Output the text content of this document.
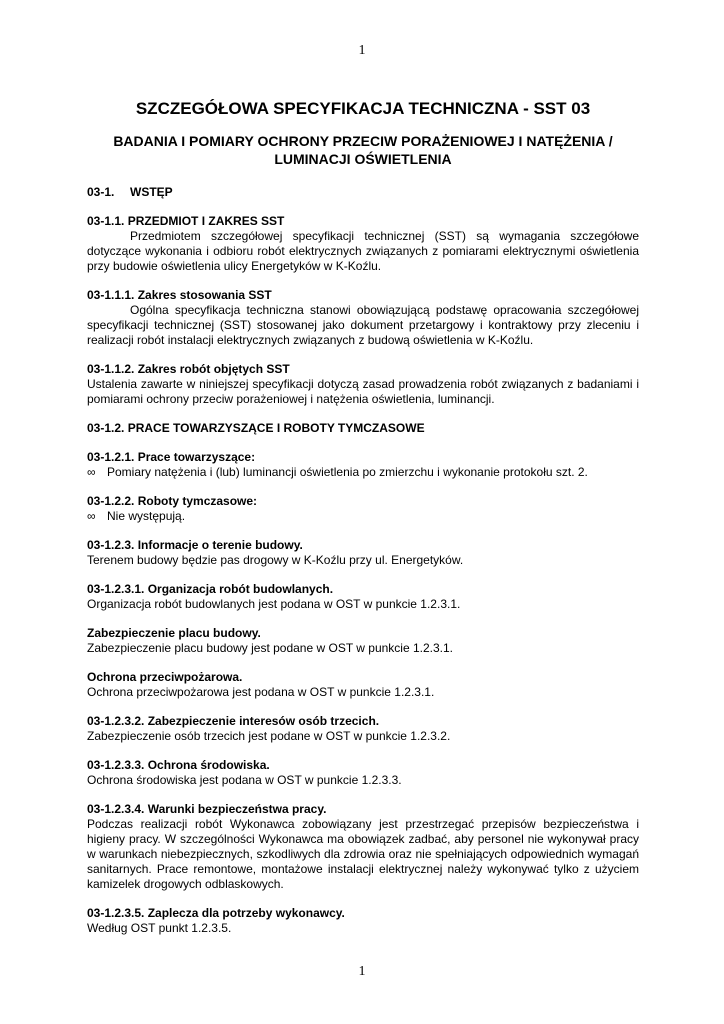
1
SZCZEGÓŁOWA SPECYFIKACJA TECHNICZNA - SST 03
BADANIA I POMIARY OCHRONY PRZECIW PORAŻENIOWEJ I NATĘŻENIA /
LUMINACJI OŚWIETLENIA
03-1.	WSTĘP

03-1.1. PRZEDMIOT I ZAKRES SST

Przedmiotem szczegółowej specyfikacji technicznej (SST) są wymagania szczegółowe dotyczące wykonania i odbioru robót elektrycznych związanych z pomiarami elektrycznymi oświetlenia przy budowie oświetlenia ulicy Energetyków w K-Koźlu.

03-1.1.1. Zakres stosowania SST

Ogólna specyfikacja techniczna stanowi obowiązującą podstawę opracowania szczegółowej specyfikacji technicznej (SST) stosowanej jako dokument przetargowy i kontraktowy przy zleceniu i realizacji robót instalacji elektrycznych związanych z budową oświetlenia w K-Koźlu.

03-1.1.2. Zakres robót objętych SST

Ustalenia zawarte w niniejszej specyfikacji dotyczą zasad prowadzenia robót związanych z badaniami i pomiarami ochrony przeciw porażeniowej i natężenia oświetlenia, luminancji.

03-1.2. PRACE TOWARZYSZĄCE I ROBOTY TYMCZASOWE

03-1.2.1. Prace towarzyszące:

∞ Pomiary natężenia i (lub) luminancji oświetlenia po zmierzchu i wykonanie protokołu szt. 2.

03-1.2.2. Roboty tymczasowe:

∞ Nie występują.

03-1.2.3. Informacje o terenie budowy.

Terenem budowy będzie pas drogowy w K-Koźlu przy ul. Energetyków.

03-1.2.3.1. Organizacja robót budowlanych.

Organizacja robót budowlanych jest podana w OST w punkcie 1.2.3.1.

Zabezpieczenie placu budowy.

Zabezpieczenie placu budowy jest podane w OST w punkcie 1.2.3.1.

Ochrona przeciwpożarowa.

Ochrona przeciwpożarowa jest podana w OST w punkcie 1.2.3.1.

03-1.2.3.2. Zabezpieczenie interesów osób trzecich.

Zabezpieczenie osób trzecich jest podane w OST w punkcie 1.2.3.2.

03-1.2.3.3. Ochrona środowiska.

Ochrona środowiska jest podana w OST w punkcie 1.2.3.3.

03-1.2.3.4. Warunki bezpieczeństwa pracy.

Podczas realizacji robót Wykonawca zobowiązany jest przestrzegać przepisów bezpieczeństwa i higieny pracy. W szczególności Wykonawca ma obowiązek zadbać, aby personel nie wykonywał pracy w warunkach niebezpiecznych, szkodliwych dla zdrowia oraz nie spełniających odpowiednich wymagań sanitarnych. Prace remontowe, montażowe instalacji elektrycznej należy wykonywać tylko z użyciem kamizelek drogowych odblaskowych.

03-1.2.3.5. Zaplecza dla potrzeby wykonawcy.

Według OST punkt 1.2.3.5.

1
